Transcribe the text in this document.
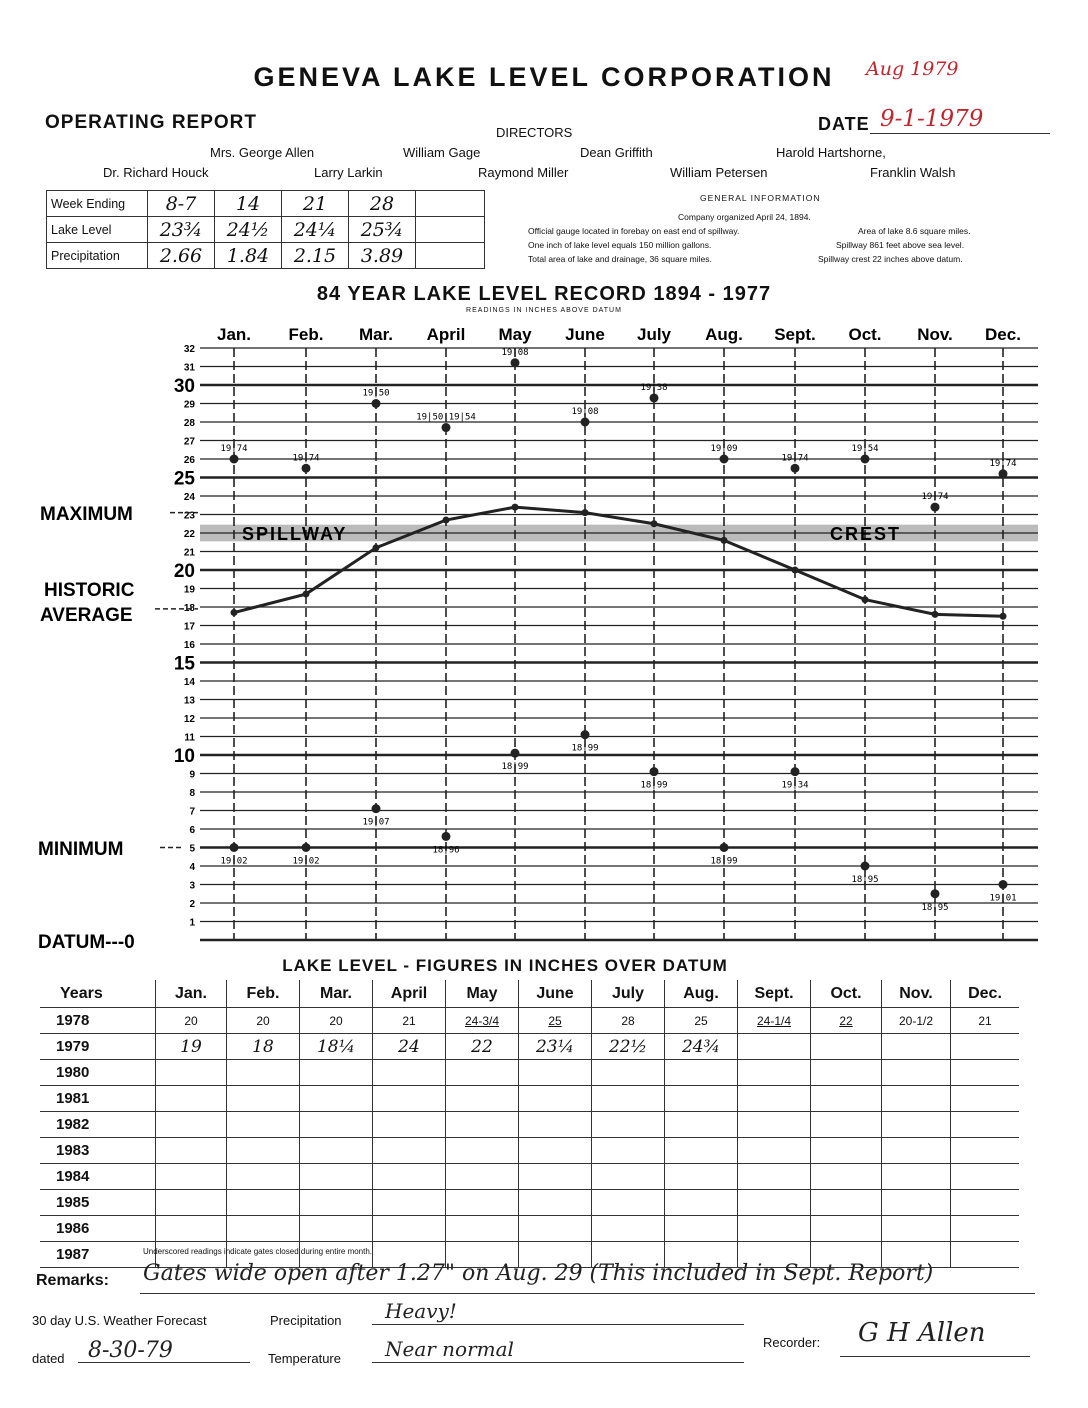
GENEVA LAKE LEVEL CORPORATION	Aug 1979
OPERATING REPORT	DATE 9-1-1979
DIRECTORS
Mrs. George Allen	William Gage	Dean Griffith	Harold Hartshorne,
Dr. Richard Houck	Larry Larkin	Raymond Miller	William Petersen	Franklin Walsh
Week Ending	8-7	14	21	28	
Lake Level	23¾	24½	24¼	25¾	
Precipitation	2.66	1.84	2.15	3.89	
GENERAL INFORMATION
Company organized April 24, 1894.
Official gauge located in forebay on east end of spillway.	Area of lake 8.6 square miles.
One inch of lake level equals 150 million gallons.	Spillway 861 feet above sea level.
Total area of lake and drainage, 36 square miles.	Spillway crest 22 inches above datum.
84 YEAR LAKE LEVEL RECORD 1894 - 1977
READINGS IN INCHES ABOVE DATUM
Jan. Feb. Mar. April May June July Aug. Sept. Oct. Nov. Dec.
30
25
20
15
10
32
31
29
28
27
26
24
23
22
21
19
18
17
16
14
13
12
11
9
8
7
6
5
4
3
2
1
MAXIMUM
HISTORIC
AVERAGE
MINIMUM
DATUM---0
SPILLWAY	CREST
19|74
19|74
19|50
19|50 19|54
19|08
19|08
19|38
19|09
19|74
19|54
19|74
19|74
19|02	19|02
19|07
18|96
18|99
18|99
18|99
18|99
19|34
18|95
18|95
19|01
LAKE LEVEL - FIGURES IN INCHES OVER DATUM
Years	Jan.	Feb.	Mar.	April	May	June	July	Aug.	Sept.	Oct.	Nov.	Dec.
1978	20	20	20	21	24-3/4	25	28	25	24-1/4	22	20-1/2	21
1979	19	18	18¼	24	22	23¼	22½	24¾				
1980												
1981												
1982												
1983												
1984												
1985												
1986												
1987													Underscored readings indicate gates closed during entire month.
Remarks: Gates wide open after 1.27" on Aug. 29 (This included in Sept. Report)
30 day U.S. Weather Forecast	Precipitation Heavy!
dated 8-30-79	Temperature Near normal	Recorder: G H Allen
